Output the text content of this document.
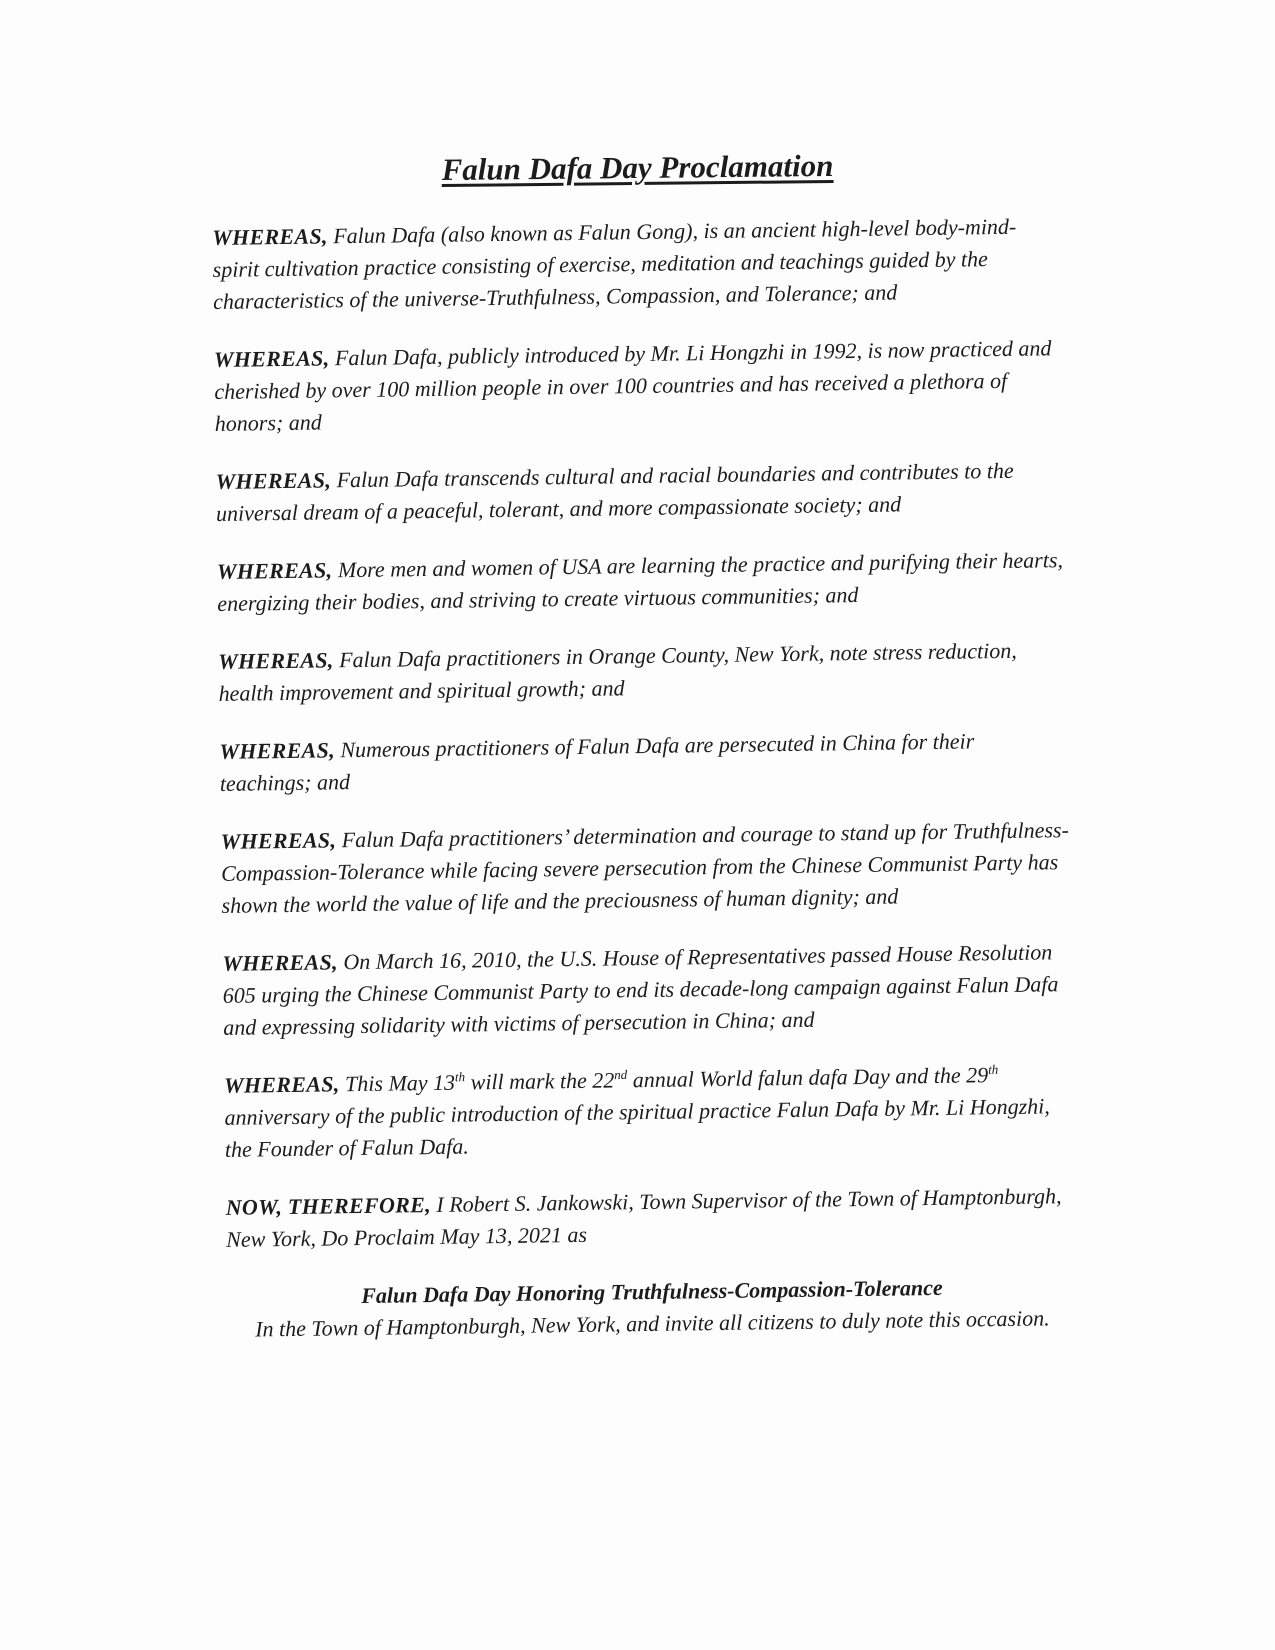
Falun Dafa Day Proclamation

WHEREAS, Falun Dafa (also known as Falun Gong), is an ancient high-level body-mind-spirit cultivation practice consisting of exercise, meditation and teachings guided by the characteristics of the universe-Truthfulness, Compassion, and Tolerance; and

WHEREAS, Falun Dafa, publicly introduced by Mr. Li Hongzhi in 1992, is now practiced and cherished by over 100 million people in over 100 countries and has received a plethora of honors; and

WHEREAS, Falun Dafa transcends cultural and racial boundaries and contributes to the universal dream of a peaceful, tolerant, and more compassionate society; and

WHEREAS, More men and women of USA are learning the practice and purifying their hearts, energizing their bodies, and striving to create virtuous communities; and

WHEREAS, Falun Dafa practitioners in Orange County, New York, note stress reduction, health improvement and spiritual growth; and

WHEREAS, Numerous practitioners of Falun Dafa are persecuted in China for their teachings; and

WHEREAS, Falun Dafa practitioners’ determination and courage to stand up for Truthfulness-Compassion-Tolerance while facing severe persecution from the Chinese Communist Party has shown the world the value of life and the preciousness of human dignity; and

WHEREAS, On March 16, 2010, the U.S. House of Representatives passed House Resolution 605 urging the Chinese Communist Party to end its decade-long campaign against Falun Dafa and expressing solidarity with victims of persecution in China; and

WHEREAS, This May 13th will mark the 22nd annual World falun dafa Day and the 29th anniversary of the public introduction of the spiritual practice Falun Dafa by Mr. Li Hongzhi, the Founder of Falun Dafa.

NOW, THEREFORE, I Robert S. Jankowski, Town Supervisor of the Town of Hamptonburgh, New York, Do Proclaim May 13, 2021 as

Falun Dafa Day Honoring Truthfulness-Compassion-Tolerance
In the Town of Hamptonburgh, New York, and invite all citizens to duly note this occasion.
